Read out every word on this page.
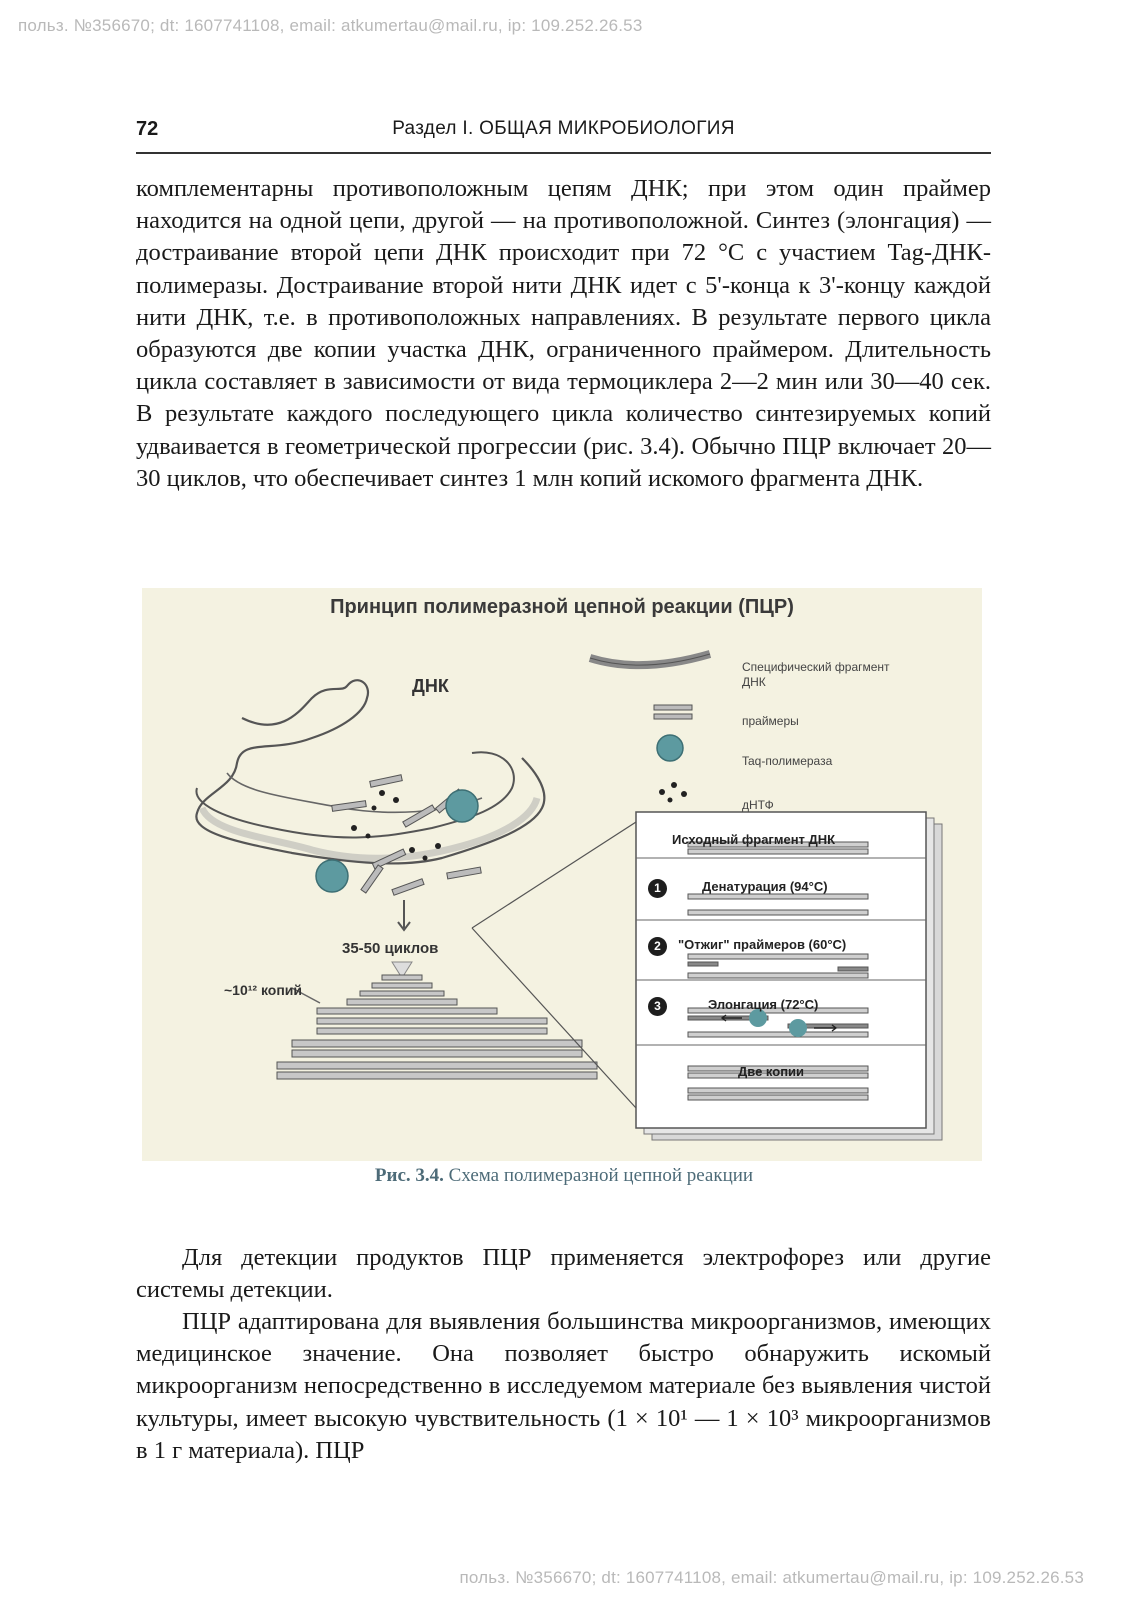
польз. №356670; dt: 1607741108, email: atkumertau@mail.ru, ip: 109.252.26.53
72	Раздел I. ОБЩАЯ МИКРОБИОЛОГИЯ

комплементарны противоположным цепям ДНК; при этом один праймер находится на одной цепи, другой — на противоположной. Синтез (элонгация) — достраивание второй цепи ДНК происходит при 72 °С с участием Tag-ДНК-полимеразы. Достраивание второй нити ДНК идет с 5'-конца к 3'-концу каждой нити ДНК, т.е. в противоположных направлениях. В результате первого цикла образуются две копии участка ДНК, ограниченного праймером. Длительность цикла составляет в зависимости от вида термоциклера 2—2 мин или 30—40 сек. В результате каждого последующего цикла количество синтезируемых копий удваивается в геометрической прогрессии (рис. 3.4). Обычно ПЦР включает 20—30 циклов, что обеспечивает синтез 1 млн копий искомого фрагмента ДНК.

Принцип полимеразной цепной реакции (ПЦР)
ДНК
35-50 циклов
~10¹² копий
Специфический фрагмент ДНК
праймеры
Taq-полимераза
дНТФ
Исходный фрагмент ДНК
1	Денатурация (94°С)
2	"Отжиг" праймеров (60°С)
3	Элонгация (72°С)
Две копии
Рис. 3.4. Схема полимеразной цепной реакции

Для детекции продуктов ПЦР применяется электрофорез или другие системы детекции.

ПЦР адаптирована для выявления большинства микроорганизмов, имеющих медицинское значение. Она позволяет быстро обнаружить искомый микроорганизм непосредственно в исследуемом материале без выявления чистой культуры, имеет высокую чувствительность (1 × 10¹ — 1 × 10³ микроорганизмов в 1 г материала). ПЦР

польз. №356670; dt: 1607741108, email: atkumertau@mail.ru, ip: 109.252.26.53
